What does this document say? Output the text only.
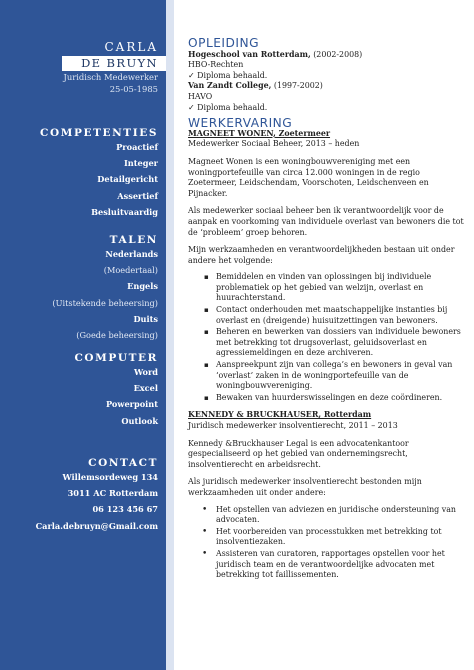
CARLA
DE BRUYN
Juridisch Medewerker
25-05-1985
COMPETENTIES
Proactief
Integer
Detailgericht
Assertief
Besluitvaardig
TALEN
Nederlands
(Moedertaal)
Engels
(Uitstekende beheersing)
Duits
(Goede beheersing)
COMPUTER
Word
Excel
Powerpoint
Outlook
CONTACT
Willemsordeweg 134
3011 AC Rotterdam
06 123 456 67
Carla.debruyn@Gmail.com
OPLEIDING
Hogeschool van Rotterdam, (2002-2008)
HBO-Rechten
✓ Diploma behaald.
Van Zandt College, (1997-2002)
HAVO
✓ Diploma behaald.
WERKERVARING
MAGNEET WONEN, Zoetermeer
Medewerker Sociaal Beheer, 2013 – heden
Magneet Wonen is een woningbouwvereniging met een woningportefeuille van circa 12.000 woningen in de regio Zoetermeer, Leidschendam, Voorschoten, Leidschenveen en Pijnacker.
Als medewerker sociaal beheer ben ik verantwoordelijk voor de aanpak en voorkoming van individuele overlast van bewoners die tot de ‘probleem’ groep behoren.
Mijn werkzaamheden en verantwoordelijkheden bestaan uit onder andere het volgende:
▪ Bemiddelen en vinden van oplossingen bij individuele problematiek op het gebied van welzijn, overlast en huurachterstand.
▪ Contact onderhouden met maatschappelijke instanties bij overlast en (dreigende) huisuitzettingen van bewoners.
▪ Beheren en bewerken van dossiers van individuele bewoners met betrekking tot drugsoverlast, geluidsoverlast en agressiemeldingen en deze archiveren.
▪ Aanspreekpunt zijn van collega’s en bewoners in geval van ‘overlast’ zaken in de woningportefeuille van de woningbouwvereniging.
▪ Bewaken van huurderswisselingen en deze coördineren.
KENNEDY & BRUCKHAUSER, Rotterdam
Juridisch medewerker insolventierecht, 2011 – 2013
Kennedy &Bruckhauser Legal is een advocatenkantoor gespecialiseerd op het gebied van ondernemingsrecht, insolventierecht en arbeidsrecht.
Als juridisch medewerker insolventierecht bestonden mijn werkzaamheden uit onder andere:
• Het opstellen van adviezen en juridische ondersteuning van advocaten.
• Het voorbereiden van processtukken met betrekking tot insolventiezaken.
• Assisteren van curatoren, rapportages opstellen voor het juridisch team en de verantwoordelijke advocaten met betrekking tot faillissementen.
